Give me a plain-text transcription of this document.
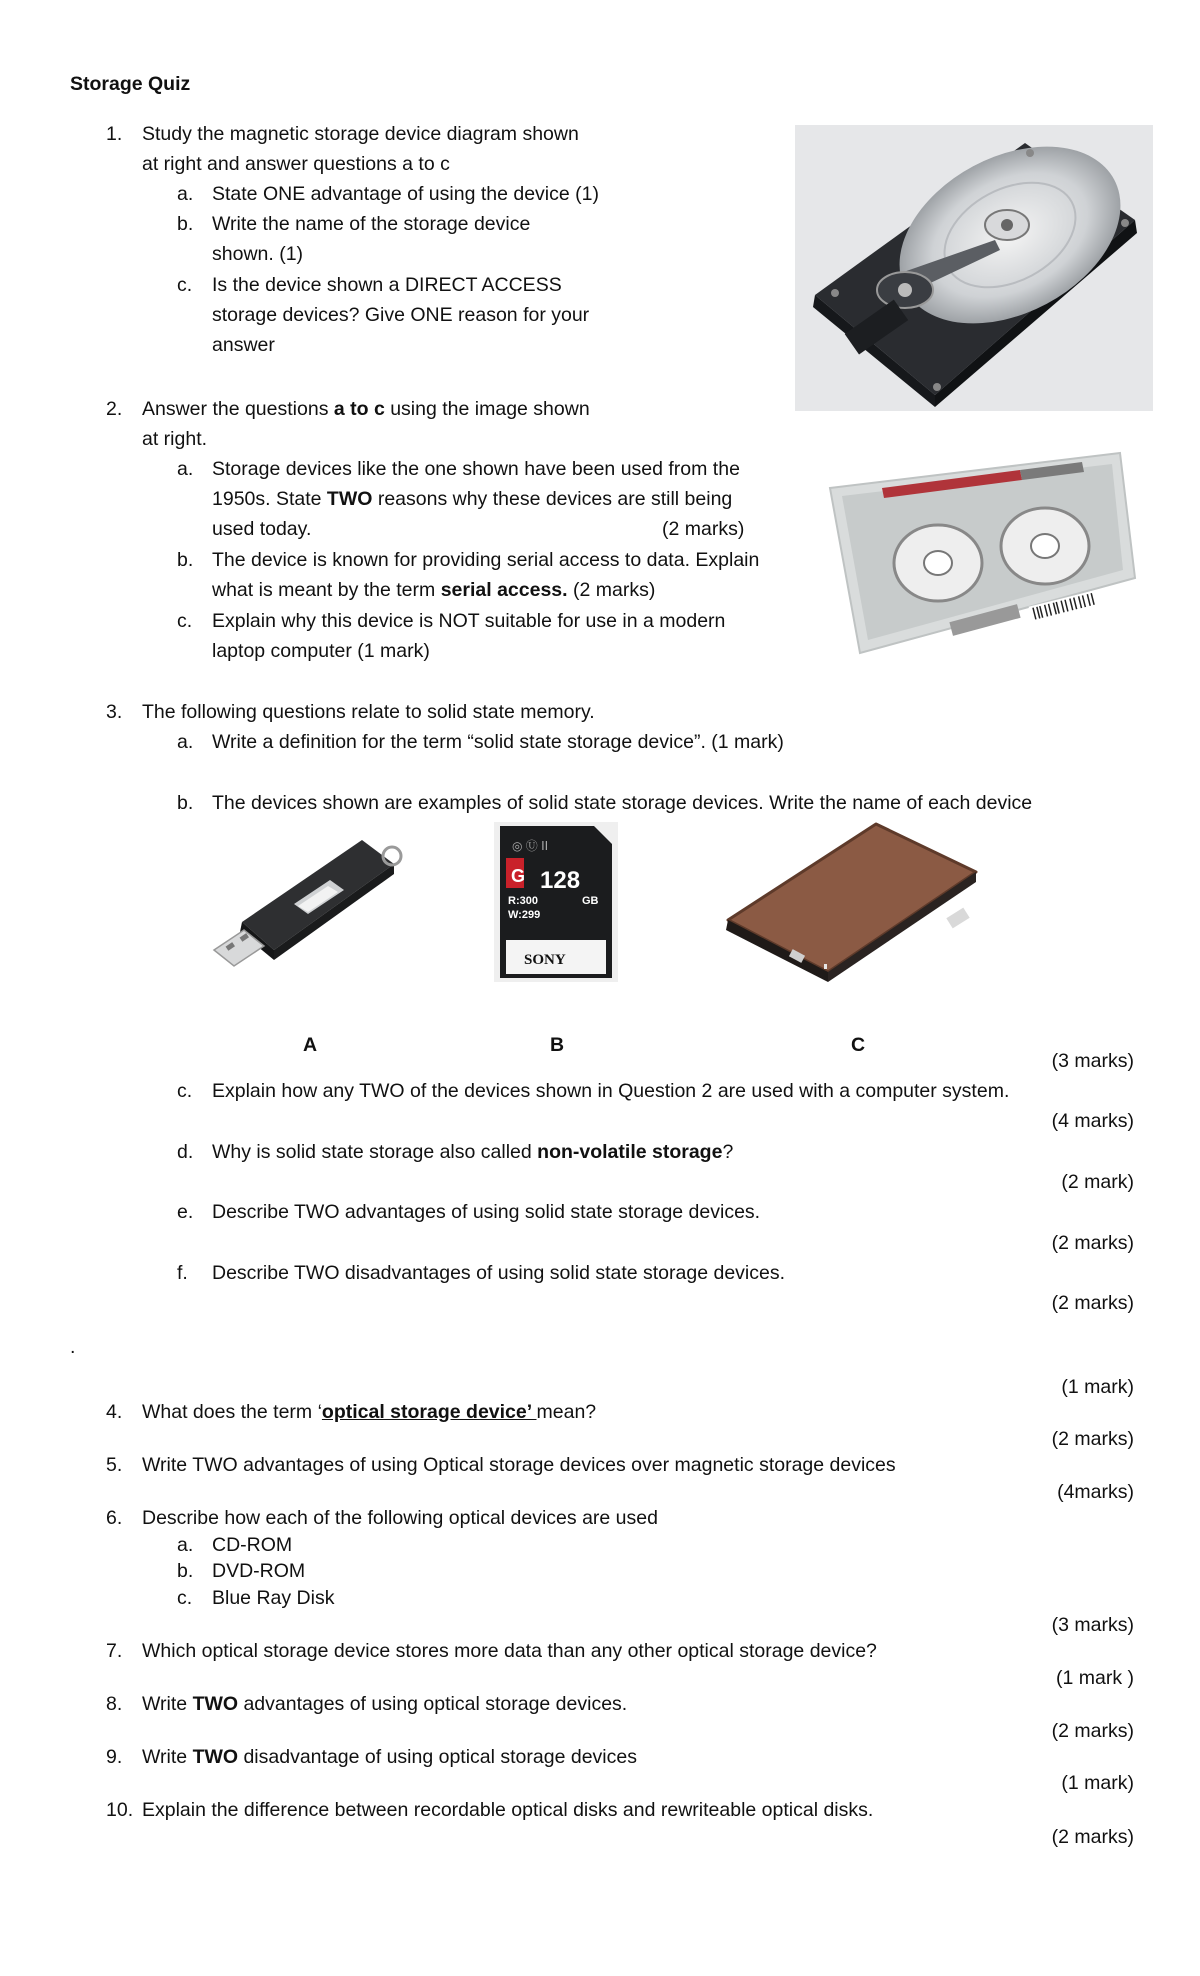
Storage Quiz
1. Study the magnetic storage device diagram shown
at right and answer questions a to c
a. State ONE advantage of using the device (1)
b. Write the name of the storage device
shown. (1)
c. Is the device shown a DIRECT ACCESS
storage devices? Give ONE reason for your
answer
2. Answer the questions a to c using the image shown
at right.
a. Storage devices like the one shown have been used from the
1950s. State TWO reasons why these devices are still being
used today.	(2 marks)
b. The device is known for providing serial access to data. Explain
what is meant by the term serial access. (2 marks)
c. Explain why this device is NOT suitable for use in a modern
laptop computer (1 mark)
3. The following questions relate to solid state memory.
a. Write a definition for the term “solid state storage device”. (1 mark)
b. The devices shown are examples of solid state storage devices. Write the name of each device
G 128
GB
R:300
W:299
SONY
◎ Ⓤ ⅠⅠ
A	B	C
(3 marks)
c. Explain how any TWO of the devices shown in Question 2 are used with a computer system.
(4 marks)
d. Why is solid state storage also called non-volatile storage?
(2 mark)
e. Describe TWO advantages of using solid state storage devices.
(2 marks)
f. Describe TWO disadvantages of using solid state storage devices.
(2 marks)
.
(1 mark)
4. What does the term ‘optical storage device’ mean?
(2 marks)
5. Write TWO advantages of using Optical storage devices over magnetic storage devices
(4marks)
6. Describe how each of the following optical devices are used
a. CD-ROM
b. DVD-ROM
c. Blue Ray Disk
(3 marks)
7. Which optical storage device stores more data than any other optical storage device?
(1 mark )
8. Write TWO advantages of using optical storage devices.
(2 marks)
9. Write TWO disadvantage of using optical storage devices
(1 mark)
10. Explain the difference between recordable optical disks and rewriteable optical disks.
(2 marks)
